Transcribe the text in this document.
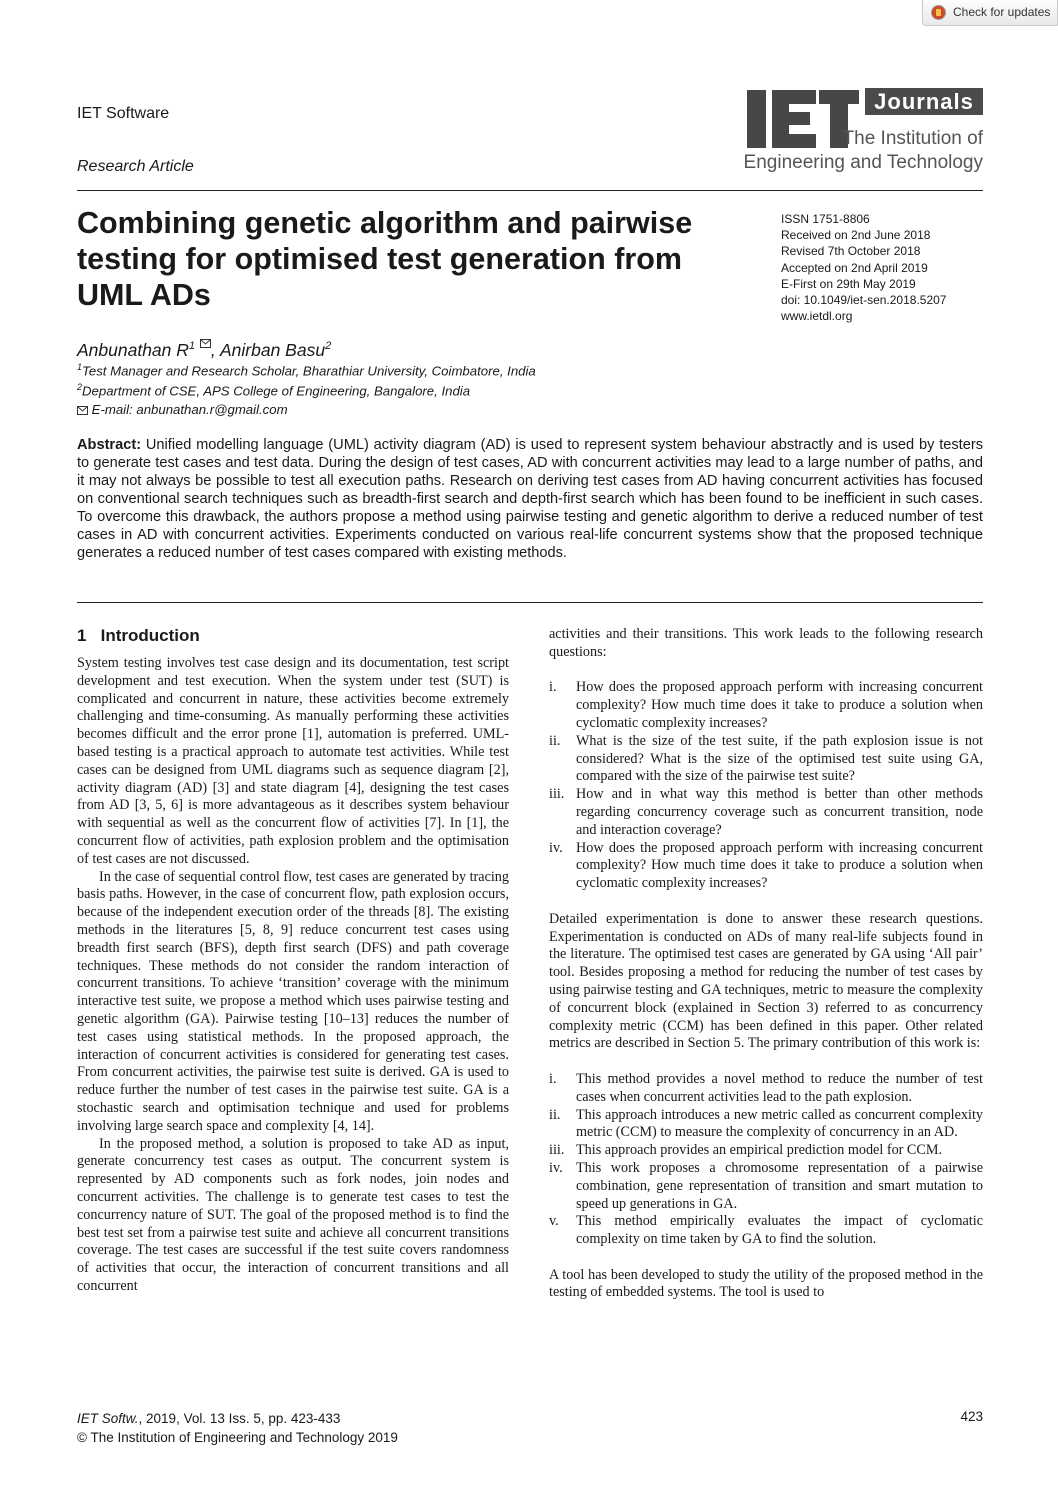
Check for updates
IET Software
Research Article
IET
Journals
The Institution of
Engineering and Technology
Combining genetic algorithm and pairwise testing for optimised test generation from UML ADs
ISSN 1751-8806
Received on 2nd June 2018
Revised 7th October 2018
Accepted on 2nd April 2019
E-First on 29th May 2019
doi: 10.1049/iet-sen.2018.5207
www.ietdl.org
Anbunathan $R^1$ , Anirban Basu$^2$
$^1$Test Manager and Research Scholar, Bharathiar University, Coimbatore, India
$^2$Department of CSE, APS College of Engineering, Bangalore, India
E-mail: anbunathan.r@gmail.com
Abstract: Unified modelling language (UML) activity diagram (AD) is used to represent system behaviour abstractly and is used by testers to generate test cases and test data. During the design of test cases, AD with concurrent activities may lead to a large number of paths, and it may not always be possible to test all execution paths. Research on deriving test cases from AD having concurrent activities has focused on conventional search techniques such as breadth-first search and depth-first search which has been found to be inefficient in such cases. To overcome this drawback, the authors propose a method using pairwise testing and genetic algorithm to derive a reduced number of test cases in AD with concurrent activities. Experiments conducted on various real-life concurrent systems show that the proposed technique generates a reduced number of test cases compared with existing methods.
1 Introduction

System testing involves test case design and its documentation, test script development and test execution. When the system under test (SUT) is complicated and concurrent in nature, these activities become extremely challenging and time-consuming. As manually performing these activities becomes difficult and the error prone [1], automation is preferred. UML-based testing is a practical approach to automate test activities. While test cases can be designed from UML diagrams such as sequence diagram [2], activity diagram (AD) [3] and state diagram [4], designing the test cases from AD [3, 5, 6] is more advantageous as it describes system behaviour with sequential as well as the concurrent flow of activities [7]. In [1], the concurrent flow of activities, path explosion problem and the optimisation of test cases are not discussed.

In the case of sequential control flow, test cases are generated by tracing basis paths. However, in the case of concurrent flow, path explosion occurs, because of the independent execution order of the threads [8]. The existing methods in the literatures [5, 8, 9] reduce concurrent test cases using breadth first search (BFS), depth first search (DFS) and path coverage techniques. These methods do not consider the random interaction of concurrent transitions. To achieve ‘transition’ coverage with the minimum interactive test suite, we propose a method which uses pairwise testing and genetic algorithm (GA). Pairwise testing [10–13] reduces the number of test cases using statistical methods. In the proposed approach, the interaction of concurrent activities is considered for generating test cases. From concurrent activities, the pairwise test suite is derived. GA is used to reduce further the number of test cases in the pairwise test suite. GA is a stochastic search and optimisation technique and used for problems involving large search space and complexity [4, 14].

In the proposed method, a solution is proposed to take AD as input, generate concurrency test cases as output. The concurrent system is represented by AD components such as fork nodes, join nodes and concurrent activities. The challenge is to generate test cases to test the concurrency nature of SUT. The goal of the proposed method is to find the best test set from a pairwise test suite and achieve all concurrent transitions coverage. The test cases are successful if the test suite covers randomness of activities that occur, the interaction of concurrent transitions and all concurrent

activities and their transitions. This work leads to the following research questions:

i. How does the proposed approach perform with increasing concurrent complexity? How much time does it take to produce a solution when cyclomatic complexity increases?
ii. What is the size of the test suite, if the path explosion issue is not considered? What is the size of the optimised test suite using GA, compared with the size of the pairwise test suite?
iii. How and in what way this method is better than other methods regarding concurrency coverage such as concurrent transition, node and interaction coverage?
iv. How does the proposed approach perform with increasing concurrent complexity? How much time does it take to produce a solution when cyclomatic complexity increases?

Detailed experimentation is done to answer these research questions. Experimentation is conducted on ADs of many real-life subjects found in the literature. The optimised test cases are generated by GA using ‘All pair’ tool. Besides proposing a method for reducing the number of test cases by using pairwise testing and GA techniques, metric to measure the complexity of concurrent block (explained in Section 3) referred to as concurrency complexity metric (CCM) has been defined in this paper. Other related metrics are described in Section 5. The primary contribution of this work is:

i. This method provides a novel method to reduce the number of test cases when concurrent activities lead to the path explosion.
ii. This approach introduces a new metric called as concurrent complexity metric (CCM) to measure the complexity of concurrency in an AD.
iii. This approach provides an empirical prediction model for CCM.
iv. This work proposes a chromosome representation of a pairwise combination, gene representation of transition and smart mutation to speed up generations in GA.
v. This method empirically evaluates the impact of cyclomatic complexity on time taken by GA to find the solution.

A tool has been developed to study the utility of the proposed method in the testing of embedded systems. The tool is used to

IET Softw., 2019, Vol. 13 Iss. 5, pp. 423-433
© The Institution of Engineering and Technology 2019
423
